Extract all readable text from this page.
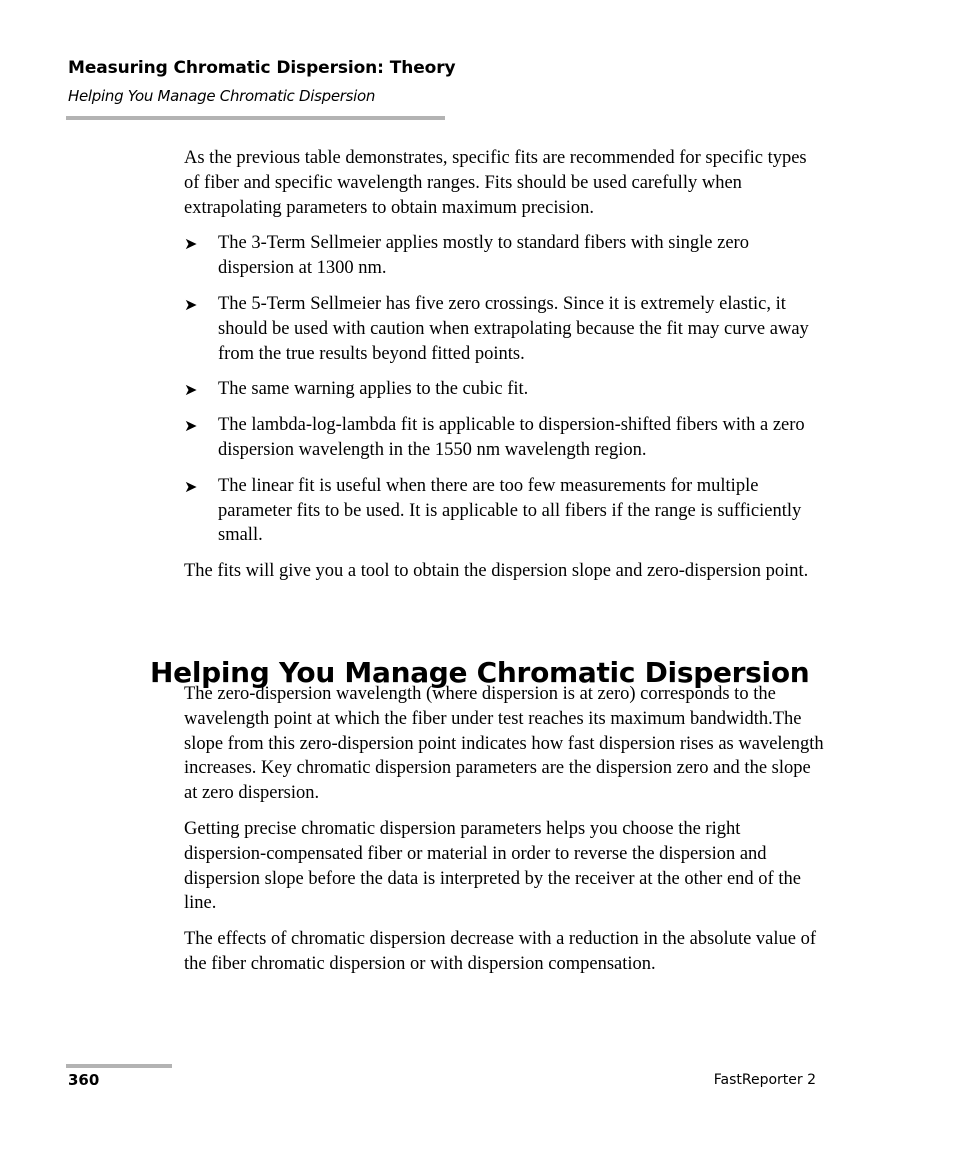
Measuring Chromatic Dispersion: Theory
Helping You Manage Chromatic Dispersion

As the previous table demonstrates, specific fits are recommended for specific types of fiber and specific wavelength ranges. Fits should be used carefully when extrapolating parameters to obtain maximum precision.

➤ The 3-Term Sellmeier applies mostly to standard fibers with single zero dispersion at 1300 nm.
➤ The 5-Term Sellmeier has five zero crossings. Since it is extremely elastic, it should be used with caution when extrapolating because the fit may curve away from the true results beyond fitted points.
➤ The same warning applies to the cubic fit.
➤ The lambda-log-lambda fit is applicable to dispersion-shifted fibers with a zero dispersion wavelength in the 1550 nm wavelength region.
➤ The linear fit is useful when there are too few measurements for multiple parameter fits to be used. It is applicable to all fibers if the range is sufficiently small.

The fits will give you a tool to obtain the dispersion slope and zero-dispersion point.

Helping You Manage Chromatic Dispersion

The zero-dispersion wavelength (where dispersion is at zero) corresponds to the wavelength point at which the fiber under test reaches its maximum bandwidth.The slope from this zero-dispersion point indicates how fast dispersion rises as wavelength increases. Key chromatic dispersion parameters are the dispersion zero and the slope at zero dispersion.

Getting precise chromatic dispersion parameters helps you choose the right dispersion-compensated fiber or material in order to reverse the dispersion and dispersion slope before the data is interpreted by the receiver at the other end of the line.

The effects of chromatic dispersion decrease with a reduction in the absolute value of the fiber chromatic dispersion or with dispersion compensation.

360	FastReporter 2
